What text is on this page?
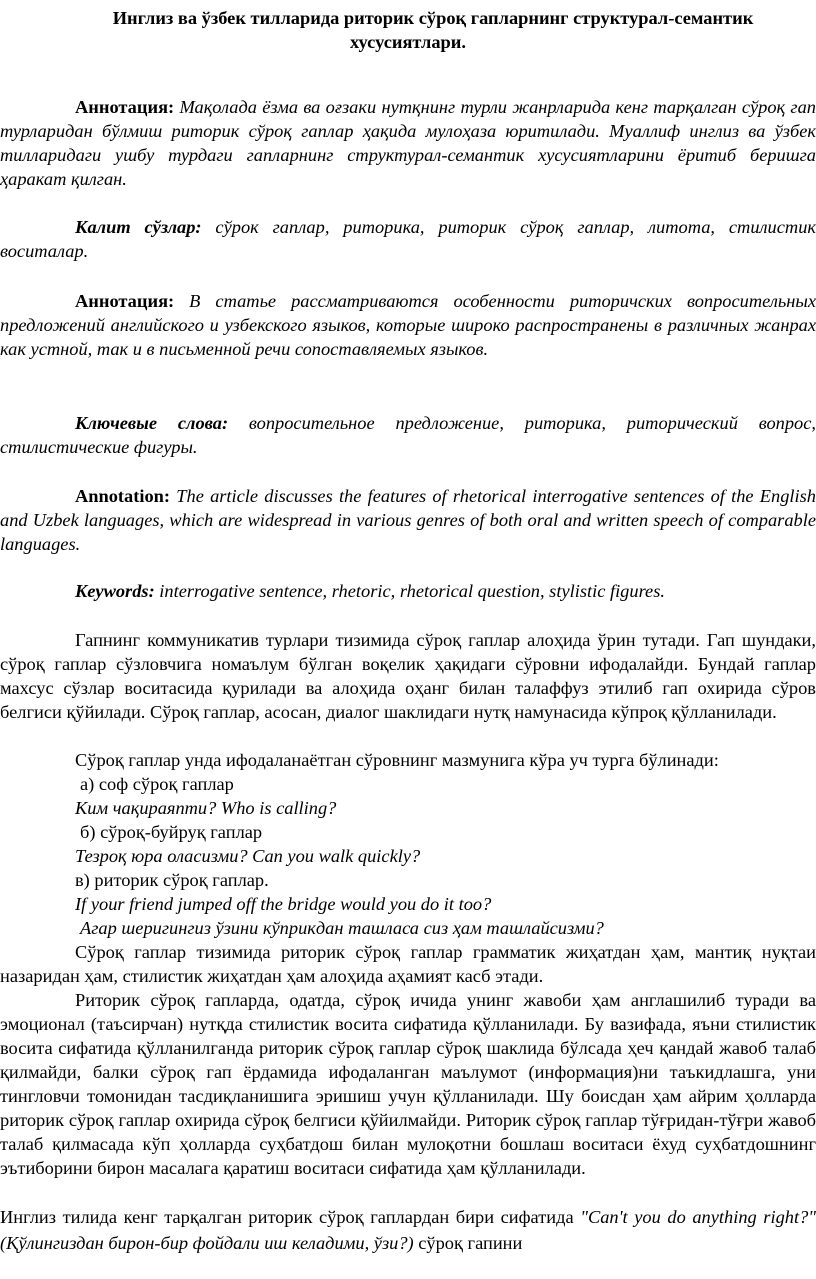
Инглиз ва ўзбек тилларида риторик сўроқ гапларнинг структурал-семантик
хусусиятлари.

Аннотация: Мақолада ёзма ва оғзаки нутқнинг турли жанрларида кенг тарқалган сўроқ гап турларидан бўлмиш риторик сўроқ гаплар ҳақида мулоҳаза юритилади. Муаллиф инглиз ва ўзбек тилларидаги ушбу турдаги гапларнинг структурал-семантик хусусиятларини ёритиб беришга ҳаракат қилган.

Калит сўзлар: сўрок гаплар, риторика, риторик сўроқ гаплар, литота, стилистик воситалар.

Аннотация: В статье рассматриваются особенности риторичских вопросительных предложений английского и узбекского языков, которые широко распространены в различных жанрах как устной, так и в письменной речи сопоставляемых языков.

Ключевые слова: вопросительное предложение, риторика, риторический вопрос, стилистические фигуры.

Annotation: The article discusses the features of rhetorical interrogative sentences of the English and Uzbek languages, which are widespread in various genres of both oral and written speech of comparable languages.

Keywords: interrogative sentence, rhetoric, rhetorical question, stylistic figures.

Гапнинг коммуникатив турлари тизимида сўроқ гаплар алоҳида ўрин тутади. Гап шундаки, сўроқ гаплар сўзловчига номаълум бўлган воқелик ҳақидаги сўровни ифодалайди. Бундай гаплар махсус сўзлар воситасида қурилади ва алоҳида оҳанг билан талаффуз этилиб гап охирида сўров белгиси қўйилади. Сўроқ гаплар, асосан, диалог шаклидаги нутқ намунасида кўпроқ қўлланилади.

Сўроқ гаплар унда ифодаланаётган сўровнинг мазмунига кўра уч турга бўлинади:
а) соф сўроқ гаплар
Ким чақираяпти? Who is calling?
б) сўроқ-буйруқ гаплар
Тезроқ юра оласизми? Can you walk quickly?
в) риторик сўроқ гаплар.
If your friend jumped off the bridge would you do it too?
Агар шеригингиз ўзини кўприкдан ташласа сиз ҳам ташлайсизми?

Сўроқ гаплар тизимида риторик сўроқ гаплар грамматик жиҳатдан ҳам, мантиқ нуқтаи назаридан ҳам, стилистик жиҳатдан ҳам алоҳида аҳамият касб этади.

Риторик сўроқ гапларда, одатда, сўроқ ичида унинг жавоби ҳам англашилиб туради ва эмоционал (таъсирчан) нутқда стилистик восита сифатида қўлланилади. Бу вазифада, яъни стилистик восита сифатида қўлланилганда риторик сўроқ гаплар сўроқ шаклида бўлсада ҳеч қандай жавоб талаб қилмайди, балки сўроқ гап ёрдамида ифодаланган маълумот (информация)ни таъкидлашга, уни тингловчи томонидан тасдиқланишига эришиш учун қўлланилади. Шу боисдан ҳам айрим ҳолларда риторик сўроқ гаплар охирида сўроқ белгиси қўйилмайди. Риторик сўроқ гаплар тўғридан-тўғри жавоб талаб қилмасада кўп ҳолларда суҳбатдош билан мулоқотни бошлаш воситаси ёхуд суҳбатдошнинг эътиборини бирон масалага қаратиш воситаси сифатида ҳам қўлланилади.

Инглиз тилида кенг тарқалган риторик сўроқ гаплардан бири сифатида "Can't you do anything right?" (Қўлингиздан бирон-бир фойдали иш келадими, ўзи?) сўроқ гапини
